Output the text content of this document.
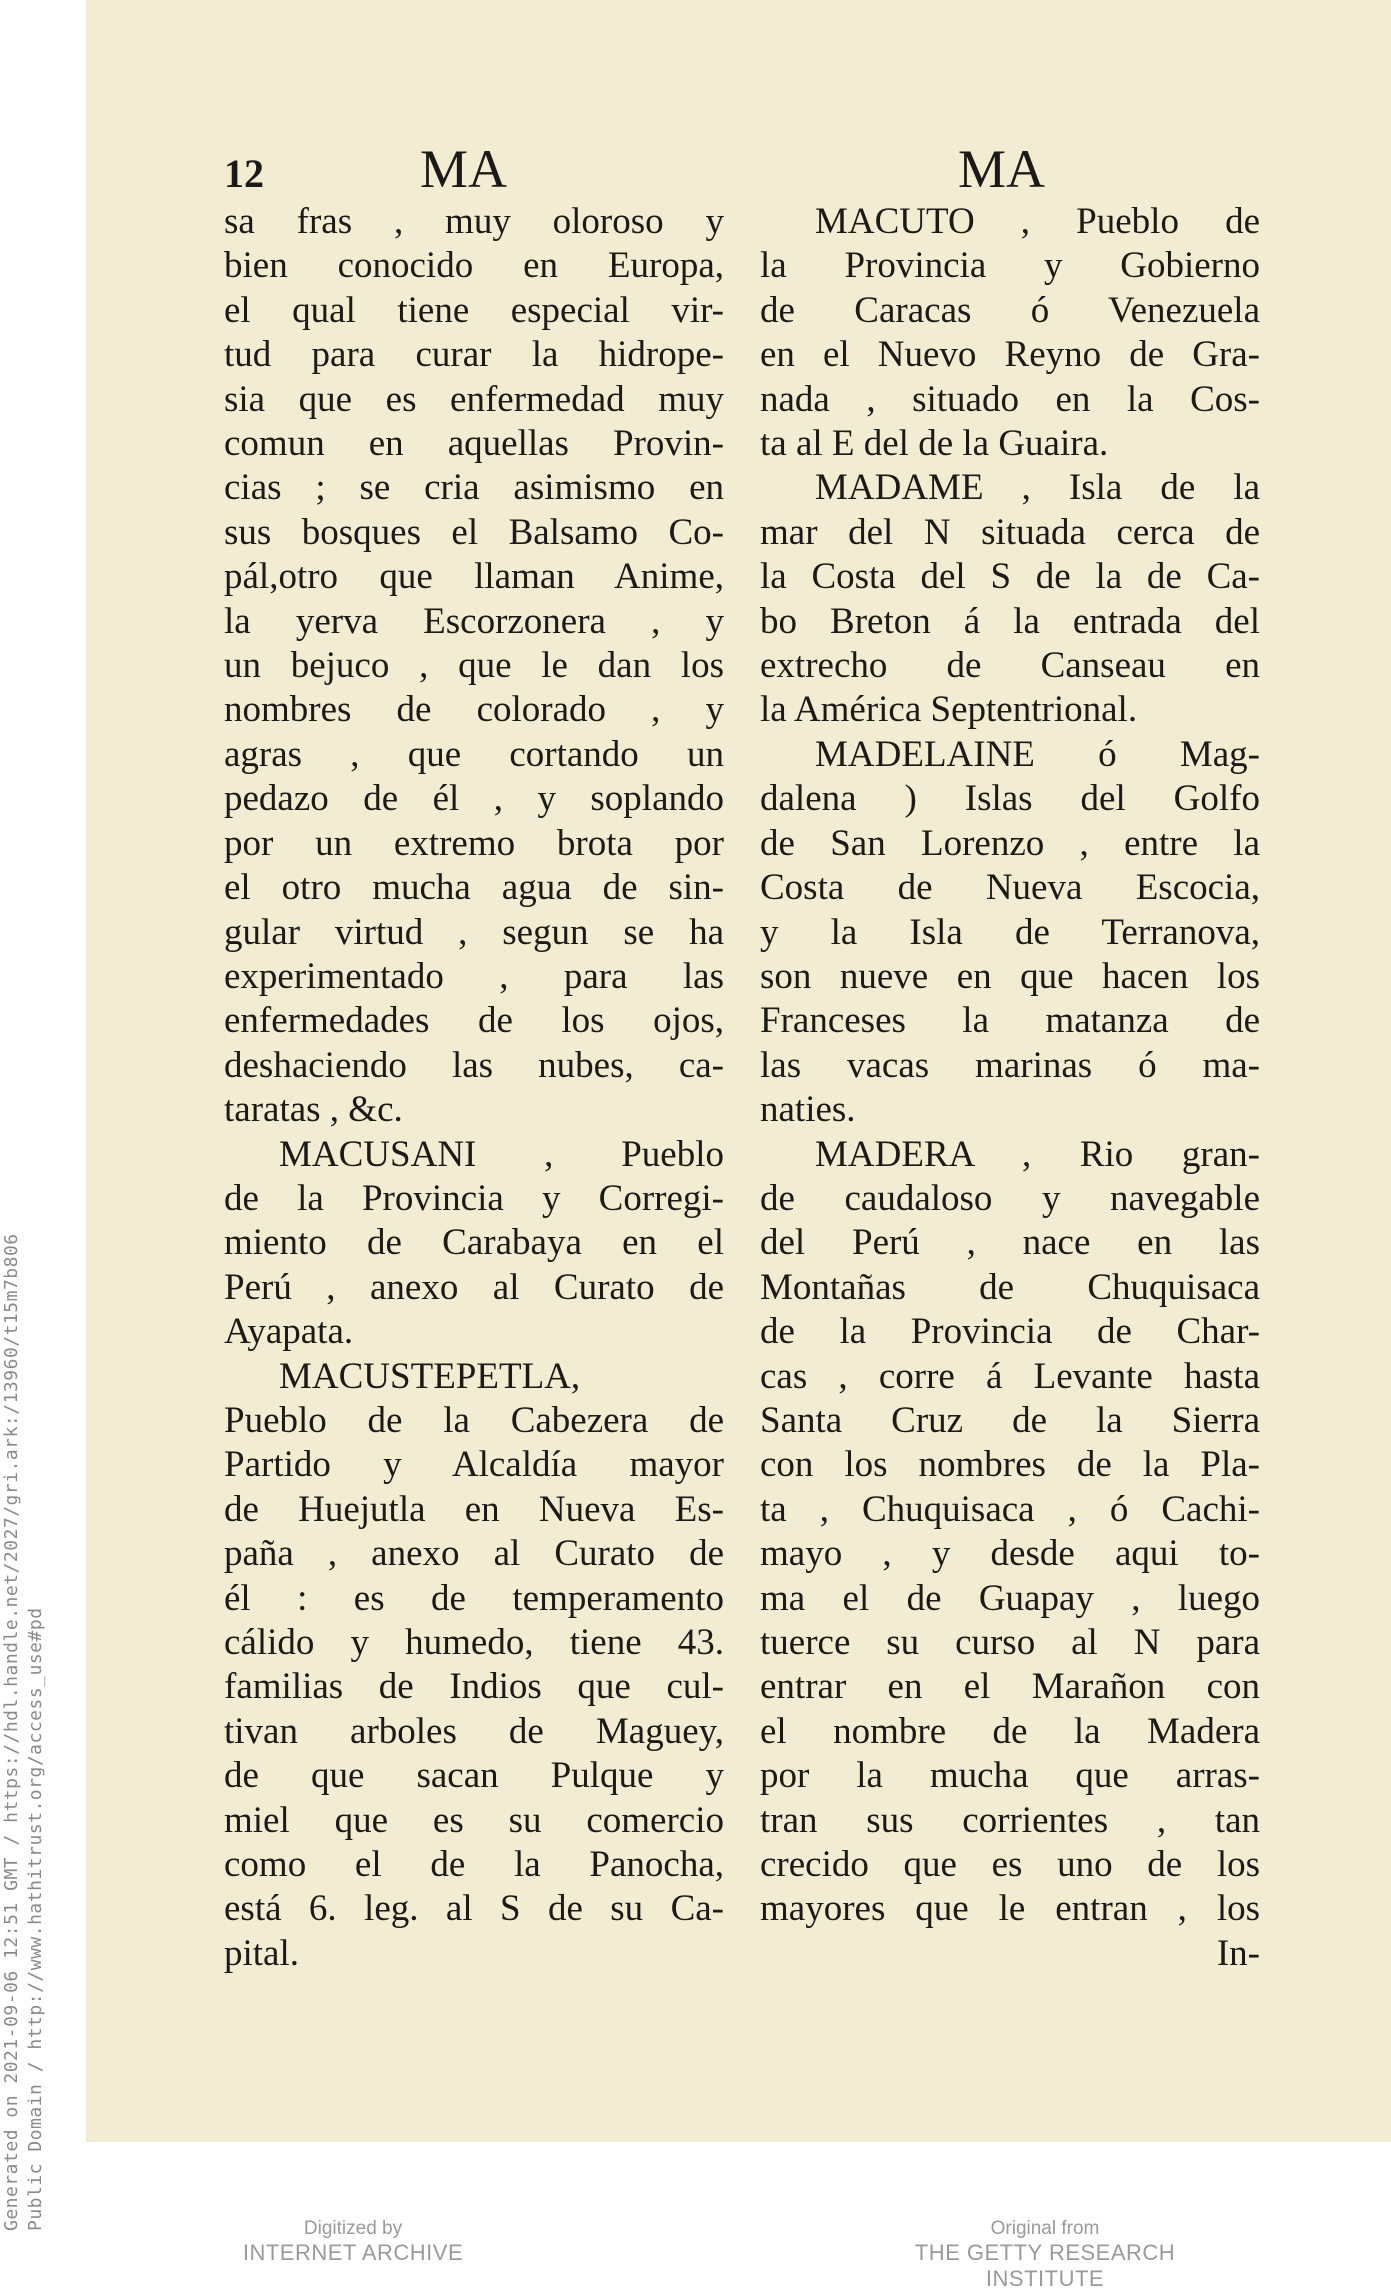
Generated on 2021-09-06 12:51 GMT / https://hdl.handle.net/2027/gri.ark:/13960/t15m7b806 Public Domain / http://www.hathitrust.org/access_use#pd
12	MA	MA
sa fras , muy oloroso y
bien conocido en Europa,
el qual tiene especial vir-
tud para curar la hidrope-
sia que es enfermedad muy
comun en aquellas Provin-
cias ; se cria asimismo en
sus bosques el Balsamo Co-
pál,otro que llaman Anime,
la yerva Escorzonera , y
un bejuco , que le dan los
nombres de colorado , y
agras , que cortando un
pedazo de él , y soplando
por un extremo brota por
el otro mucha agua de sin-
gular virtud , segun se ha
experimentado , para las
enfermedades de los ojos,
deshaciendo las nubes, ca-
taratas , &c.
MACUSANI , Pueblo
de la Provincia y Corregi-
miento de Carabaya en el
Perú , anexo al Curato de
Ayapata.
MACUSTEPETLA,
Pueblo de la Cabezera de
Partido y Alcaldía mayor
de Huejutla en Nueva Es-
paña , anexo al Curato de
él : es de temperamento
cálido y humedo, tiene 43.
familias de Indios que cul-
tivan arboles de Maguey,
de que sacan Pulque y
miel que es su comercio
como el de la Panocha,
está 6. leg. al S de su Ca-
pital.
MACUTO , Pueblo de
la Provincia y Gobierno
de Caracas ó Venezuela
en el Nuevo Reyno de Gra-
nada , situado en la Cos-
ta al E del de la Guaira.
MADAME , Isla de la
mar del N situada cerca de
la Costa del S de la de Ca-
bo Breton á la entrada del
extrecho de Canseau en
la América Septentrional.
MADELAINE ó Mag-
dalena ) Islas del Golfo
de San Lorenzo , entre la
Costa de Nueva Escocia,
y la Isla de Terranova,
son nueve en que hacen los
Franceses la matanza de
las vacas marinas ó ma-
naties.
MADERA , Rio gran-
de caudaloso y navegable
del Perú , nace en las
Montañas de Chuquisaca
de la Provincia de Char-
cas , corre á Levante hasta
Santa Cruz de la Sierra
con los nombres de la Pla-
ta , Chuquisaca , ó Cachi-
mayo , y desde aqui to-
ma el de Guapay , luego
tuerce su curso al N para
entrar en el Marañon con
el nombre de la Madera
por la mucha que arras-
tran sus corrientes , tan
crecido que es uno de los
mayores que le entran , los
In-
Digitized by
INTERNET ARCHIVE
Original from
THE GETTY RESEARCH INSTITUTE
